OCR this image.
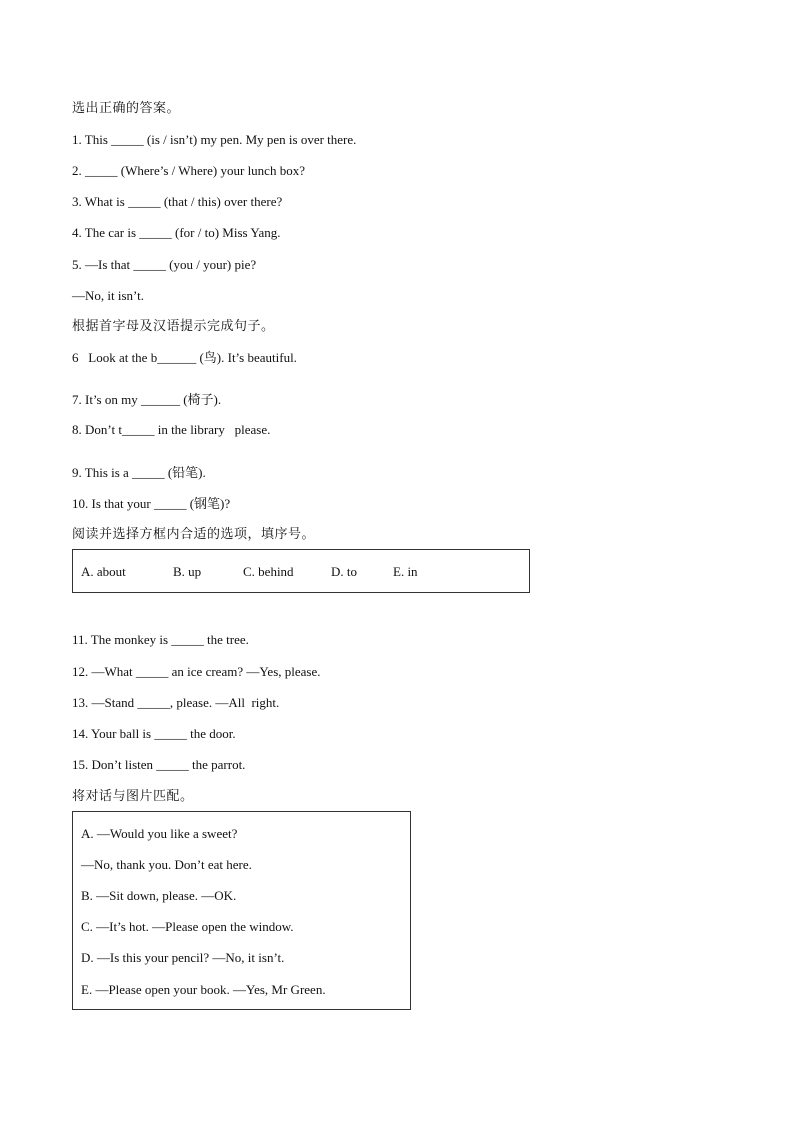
选出正确的答案。
1. This _____ (is / isn’t) my pen. My pen is over there.
2. _____ (Where’s / Where) your lunch box?
3. What is _____ (that / this) over there?
4. The car is _____ (for / to) Miss Yang.
5. —Is that _____ (you / your) pie?
—No, it isn’t.
根据首字母及汉语提示完成句子。
6   Look at the b______ (鸟). It’s beautiful.
7. It’s on my ______ (椅子).
8. Don’t t_____ in the library   please.
9. This is a _____ (铅笔).
10. Is that your _____ (钢笔)?
阅读并选择方框内合适的选项，填序号。
A. about	B. up	C. behind	D. to	E. in
11. The monkey is _____ the tree.
12. —What _____ an ice cream? —Yes, please.
13. —Stand _____, please. —All  right.
14. Your ball is _____ the door.
15. Don’t listen _____ the parrot.
将对话与图片匹配。
A. —Would you like a sweet?
—No, thank you. Don’t eat here.
B. —Sit down, please. —OK.
C. —It’s hot. —Please open the window.
D. —Is this your pencil? —No, it isn’t.
E. —Please open your book. —Yes, Mr Green.
